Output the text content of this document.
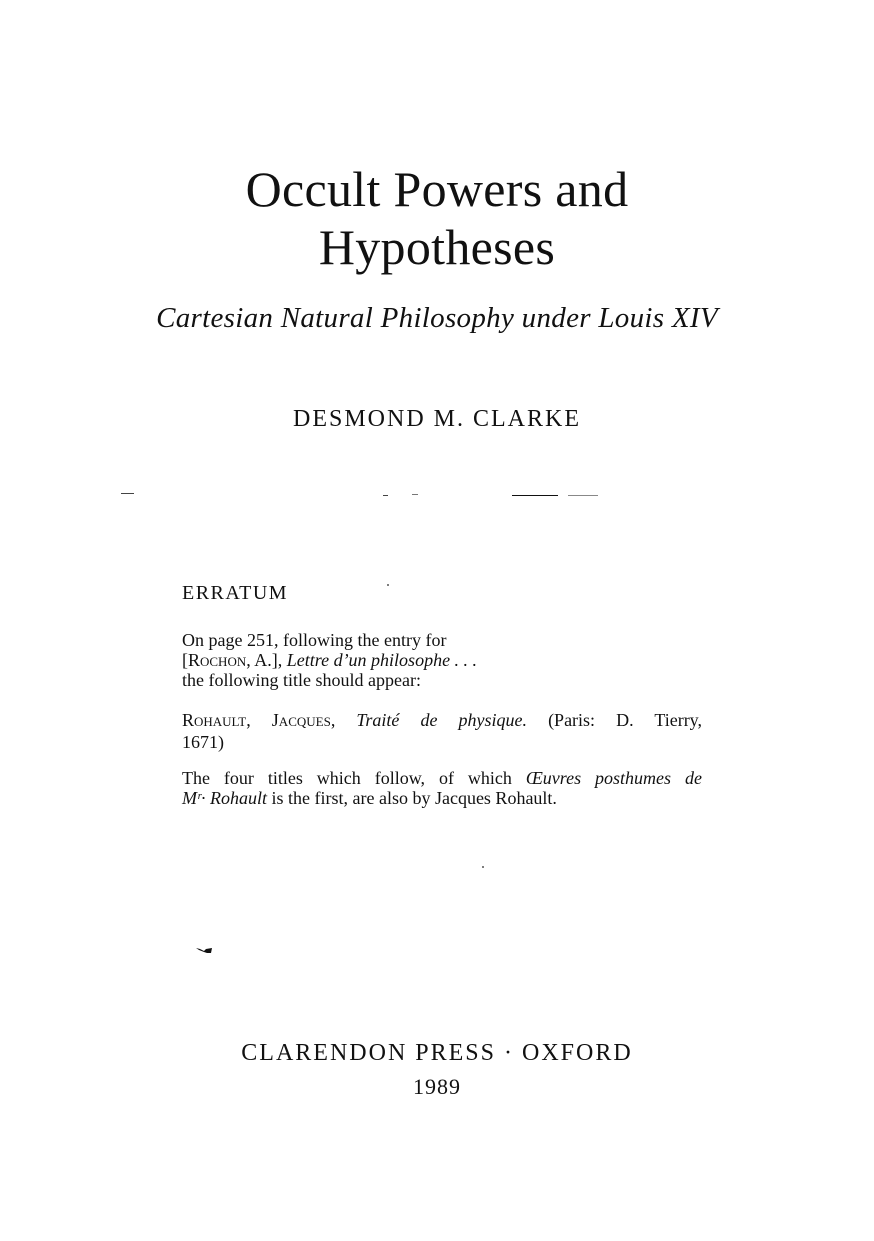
Occult Powers and
Hypotheses
Cartesian Natural Philosophy under Louis XIV
DESMOND M. CLARKE
ERRATUM
On page 251, following the entry for
[Rochon, A.], Lettre d’un philosophe . . .
the following title should appear:
Rohault, Jacques, Traité de physique. (Paris: D. Tierry,
1671)
The four titles which follow, of which Œuvres posthumes de
Mʳ· Rohault is the first, are also by Jacques Rohault.
CLARENDON PRESS · OXFORD
1989
